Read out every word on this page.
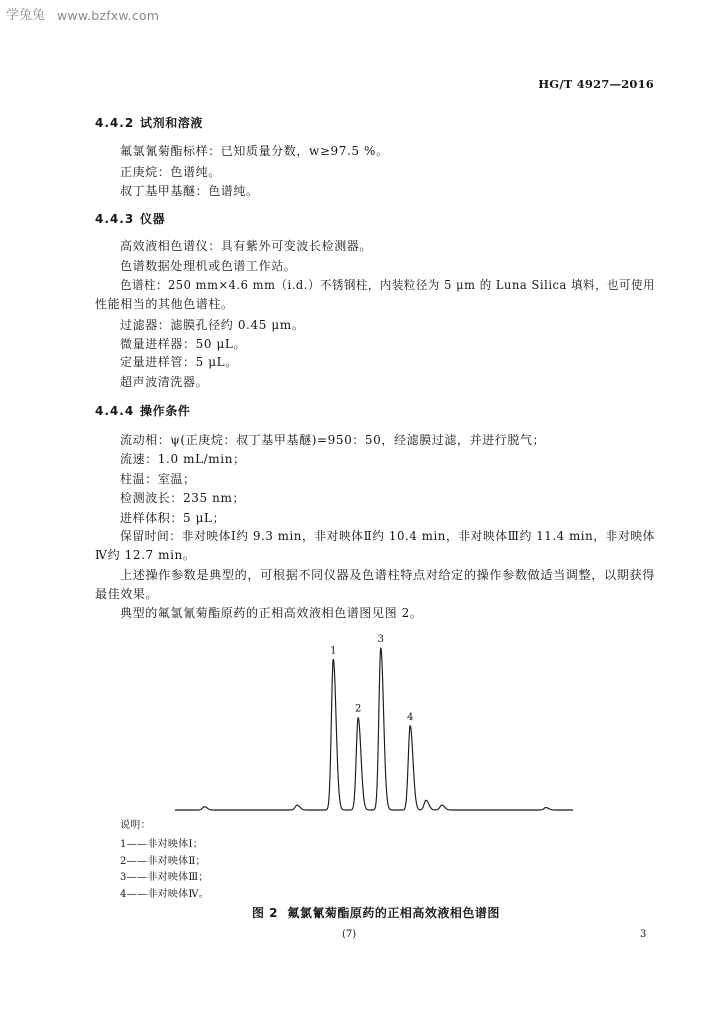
学兔兔 www.bzfxw.com
HG/T 4927—2016
4.4.2 试剂和溶液
氟氯氰菊酯标样：已知质量分数，w≥97.5 %。
正庚烷：色谱纯。
叔丁基甲基醚：色谱纯。
4.4.3 仪器
高效液相色谱仪：具有紫外可变波长检测器。
色谱数据处理机或色谱工作站。
色谱柱：250 mm×4.6 mm（i.d.）不锈钢柱，内装粒径为 5 μm 的 Luna Silica 填料，也可使用
性能相当的其他色谱柱。
过滤器：滤膜孔径约 0.45 μm。
微量进样器：50 μL。
定量进样管：5 μL。
超声波清洗器。
4.4.4 操作条件
流动相：ψ(正庚烷：叔丁基甲基醚)=950：50，经滤膜过滤，并进行脱气；
流速：1.0 mL/min；
柱温：室温；
检测波长：235 nm；
进样体积：5 μL；
保留时间：非对映体Ⅰ约 9.3 min，非对映体Ⅱ约 10.4 min，非对映体Ⅲ约 11.4 min，非对映体
Ⅳ约 12.7 min。
上述操作参数是典型的，可根据不同仪器及色谱柱特点对给定的操作参数做适当调整，以期获得
最佳效果。
典型的氟氯氰菊酯原药的正相高效液相色谱图见图 2。
1
2
3
4
说明：
1——非对映体Ⅰ；
2——非对映体Ⅱ；
3——非对映体Ⅲ；
4——非对映体Ⅳ。
图 2  氟氯氰菊酯原药的正相高效液相色谱图
(7)	3
